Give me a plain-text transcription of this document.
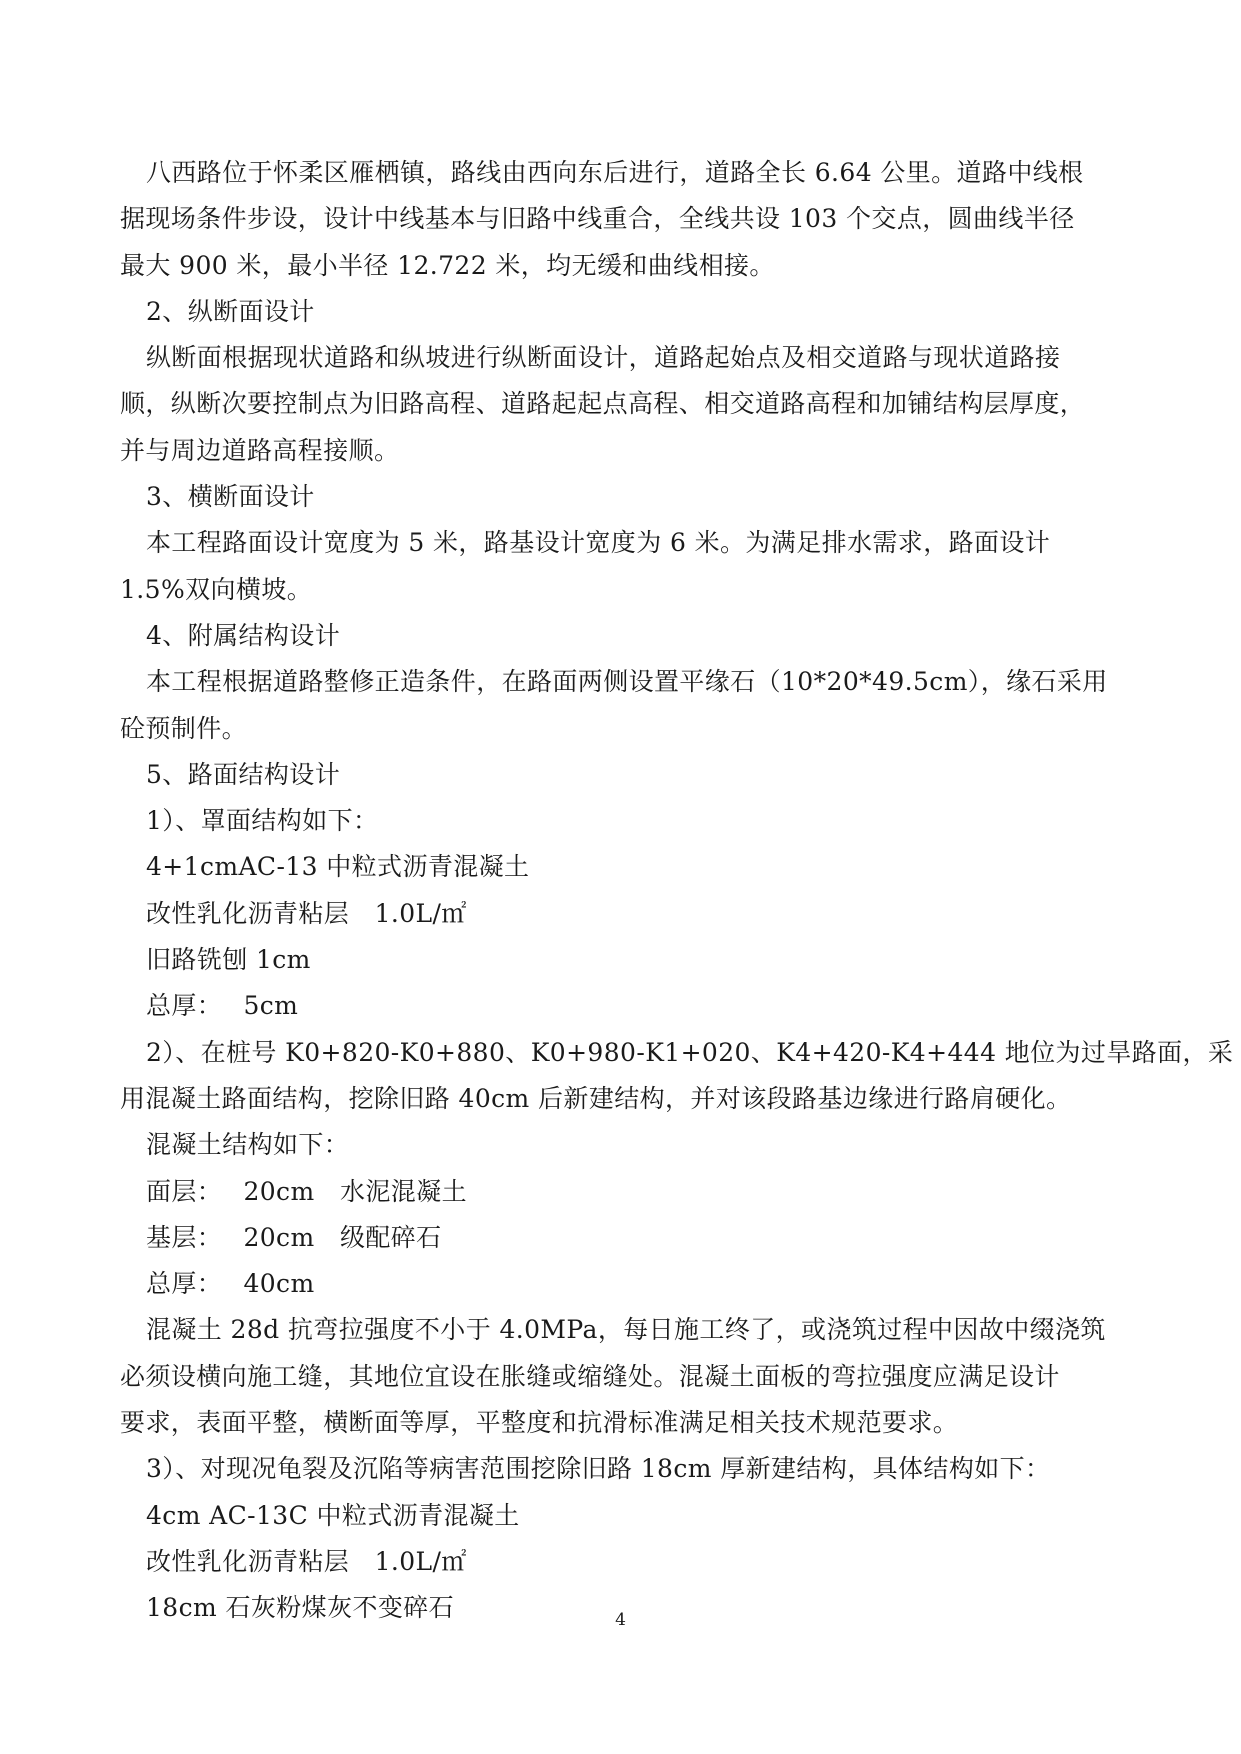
八西路位于怀柔区雁栖镇，路线由西向东后进行，道路全长 6.64 公里。道路中线根
据现场条件步设，设计中线基本与旧路中线重合，全线共设 103 个交点，圆曲线半径
最大 900 米，最小半径 12.722 米，均无缓和曲线相接。
2、纵断面设计
纵断面根据现状道路和纵坡进行纵断面设计，道路起始点及相交道路与现状道路接
顺，纵断次要控制点为旧路高程、道路起起点高程、相交道路高程和加铺结构层厚度，
并与周边道路高程接顺。
3、横断面设计
本工程路面设计宽度为 5 米，路基设计宽度为 6 米。为满足排水需求，路面设计
1.5%双向横坡。
4、附属结构设计
本工程根据道路整修正造条件，在路面两侧设置平缘石（10*20*49.5cm），缘石采用
砼预制件。
5、路面结构设计
1）、罩面结构如下：
4+1cmAC-13 中粒式沥青混凝土
改性乳化沥青粘层　1.0L/㎡
旧路铣刨 1cm
总厚：　 5cm
2）、在桩号 K0+820-K0+880、K0+980-K1+020、K4+420-K4+444 地位为过旱路面，采
用混凝土路面结构，挖除旧路 40cm 后新建结构，并对该段路基边缘进行路肩硬化。
混凝土结构如下：
面层：　 20cm　水泥混凝土
基层：　 20cm　级配碎石
总厚：　 40cm
混凝土 28d 抗弯拉强度不小于 4.0MPa，每日施工终了，或浇筑过程中因故中缀浇筑
必须设横向施工缝，其地位宜设在胀缝或缩缝处。混凝土面板的弯拉强度应满足设计
要求，表面平整，横断面等厚，平整度和抗滑标准满足相关技术规范要求。
3）、对现况龟裂及沉陷等病害范围挖除旧路 18cm 厚新建结构，具体结构如下：
4cm AC-13C 中粒式沥青混凝土
改性乳化沥青粘层　1.0L/㎡
18cm 石灰粉煤灰不变碎石	4
